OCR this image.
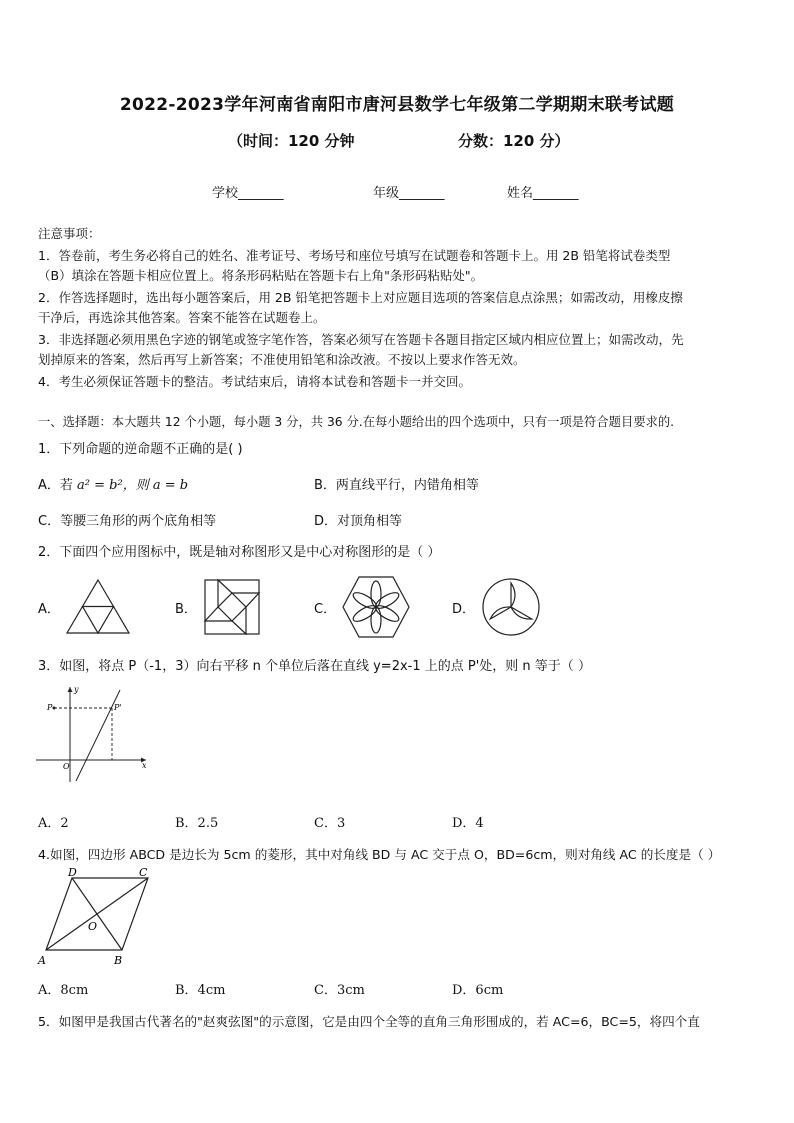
2022-2023学年河南省南阳市唐河县数学七年级第二学期期末联考试题
（时间：120 分钟	分数：120 分）
学校_______	年级_______	姓名_______
注意事项：
1．答卷前，考生务必将自己的姓名、准考证号、考场号和座位号填写在试题卷和答题卡上。用 2B 铅笔将试卷类型
（B）填涂在答题卡相应位置上。将条形码粘贴在答题卡右上角"条形码粘贴处"。
2．作答选择题时，选出每小题答案后，用 2B 铅笔把答题卡上对应题目选项的答案信息点涂黑；如需改动，用橡皮擦
干净后，再选涂其他答案。答案不能答在试题卷上。
3．非选择题必须用黑色字迹的钢笔或签字笔作答，答案必须写在答题卡各题目指定区域内相应位置上；如需改动，先
划掉原来的答案，然后再写上新答案；不准使用铅笔和涂改液。不按以上要求作答无效。
4．考生必须保证答题卡的整洁。考试结束后，请将本试卷和答题卡一并交回。
一、选择题：本大题共 12 个小题，每小题 3 分，共 36 分.在每小题给出的四个选项中，只有一项是符合题目要求的.
1．下列命题的逆命题不正确的是( )
A．若 a² = b²，则 a = b	B．两直线平行，内错角相等
C．等腰三角形的两个底角相等	D．对顶角相等
2．下面四个应用图标中，既是轴对称图形又是中心对称图形的是（ ）
A．	B．	C．	D．
3．如图，将点 P（-1，3）向右平移 n 个单位后落在直线 y=2x-1 上的点 P'处，则 n 等于（ ）
y
x
O
P	P'
A．2	B．2.5	C．3	D．4
4.如图，四边形 ABCD 是边长为 5cm 的菱形，其中对角线 BD 与 AC 交于点 O，BD=6cm，则对角线 AC 的长度是（ ）
A	B
C
D
O
A．8cm	B．4cm	C．3cm	D．6cm
5．如图甲是我国古代著名的"赵爽弦图"的示意图，它是由四个全等的直角三角形围成的，若 AC=6，BC=5，将四个直
